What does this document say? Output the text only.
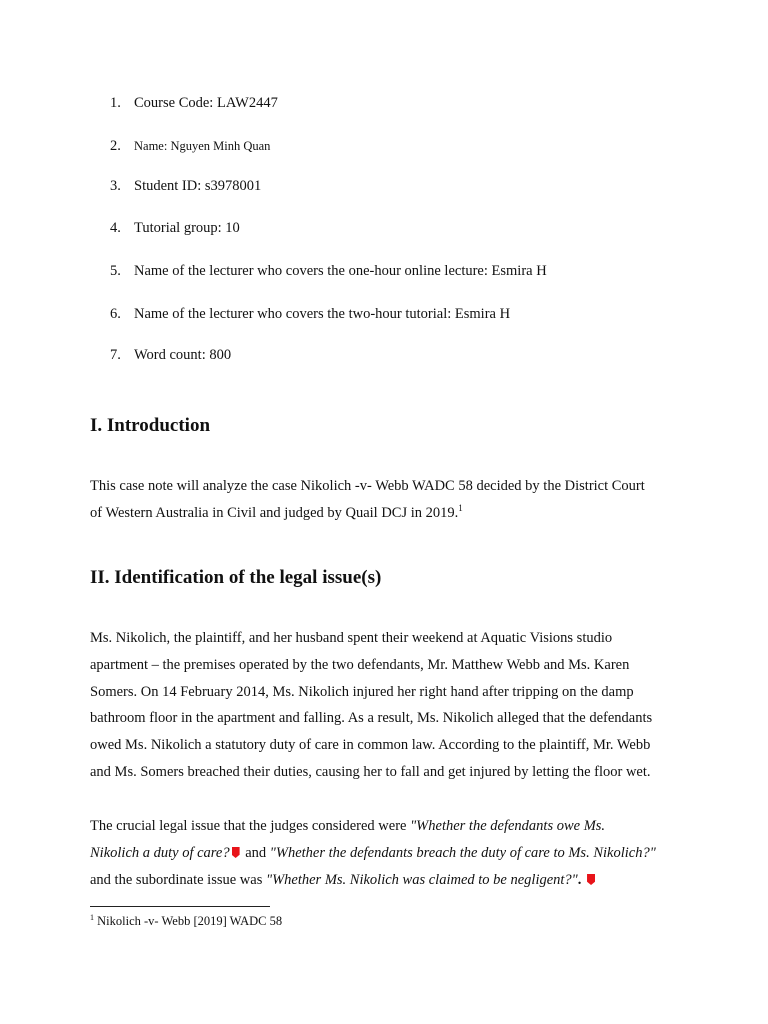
1. Course Code: LAW2447
2. Name: Nguyen Minh Quan
3. Student ID: s3978001
4. Tutorial group: 10
5. Name of the lecturer who covers the one-hour online lecture: Esmira H
6. Name of the lecturer who covers the two-hour tutorial: Esmira H
7. Word count: 800
I. Introduction
This case note will analyze the case Nikolich -v- Webb WADC 58 decided by the District Court
of Western Australia in Civil and judged by Quail DCJ in 2019.$^1$
II. Identification of the legal issue(s)
Ms. Nikolich, the plaintiff, and her husband spent their weekend at Aquatic Visions studio
apartment – the premises operated by the two defendants, Mr. Matthew Webb and Ms. Karen
Somers. On 14 February 2014, Ms. Nikolich injured her right hand after tripping on the damp
bathroom floor in the apartment and falling. As a result, Ms. Nikolich alleged that the defendants
owed Ms. Nikolich a statutory duty of care in common law. According to the plaintiff, Mr. Webb
and Ms. Somers breached their duties, causing her to fall and get injured by letting the floor wet.
The crucial legal issue that the judges considered were "Whether the defendants owe Ms.
Nikolich a duty of care? and "Whether the defendants breach the duty of care to Ms. Nikolich?"
and the subordinate issue was "Whether Ms. Nikolich was claimed to be negligent?".
$^1$ Nikolich -v- Webb [2019] WADC 58
